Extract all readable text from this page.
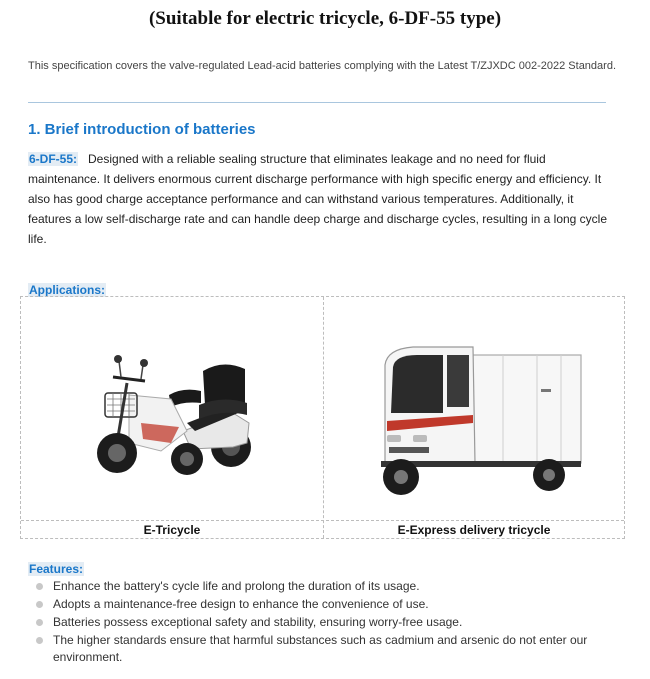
(Suitable for electric tricycle, 6-DF-55 type)
This specification covers the valve-regulated Lead-acid batteries complying with the Latest T/ZJXDC 002-2022 Standard.
1. Brief introduction of batteries
6-DF-55: Designed with a reliable sealing structure that eliminates leakage and no need for fluid maintenance. It delivers enormous current discharge performance with high specific energy and efficiency. It also has good charge acceptance performance and can withstand various temperatures. Additionally, it features a low self-discharge rate and can handle deep charge and discharge cycles, resulting in a long cycle life.
Applications:
E-Tricycle	E-Express delivery tricycle
Features:
Enhance the battery's cycle life and prolong the duration of its usage.
Adopts a maintenance-free design to enhance the convenience of use.
Batteries possess exceptional safety and stability, ensuring worry-free usage.
The higher standards ensure that harmful substances such as cadmium and arsenic do not enter our environment.
